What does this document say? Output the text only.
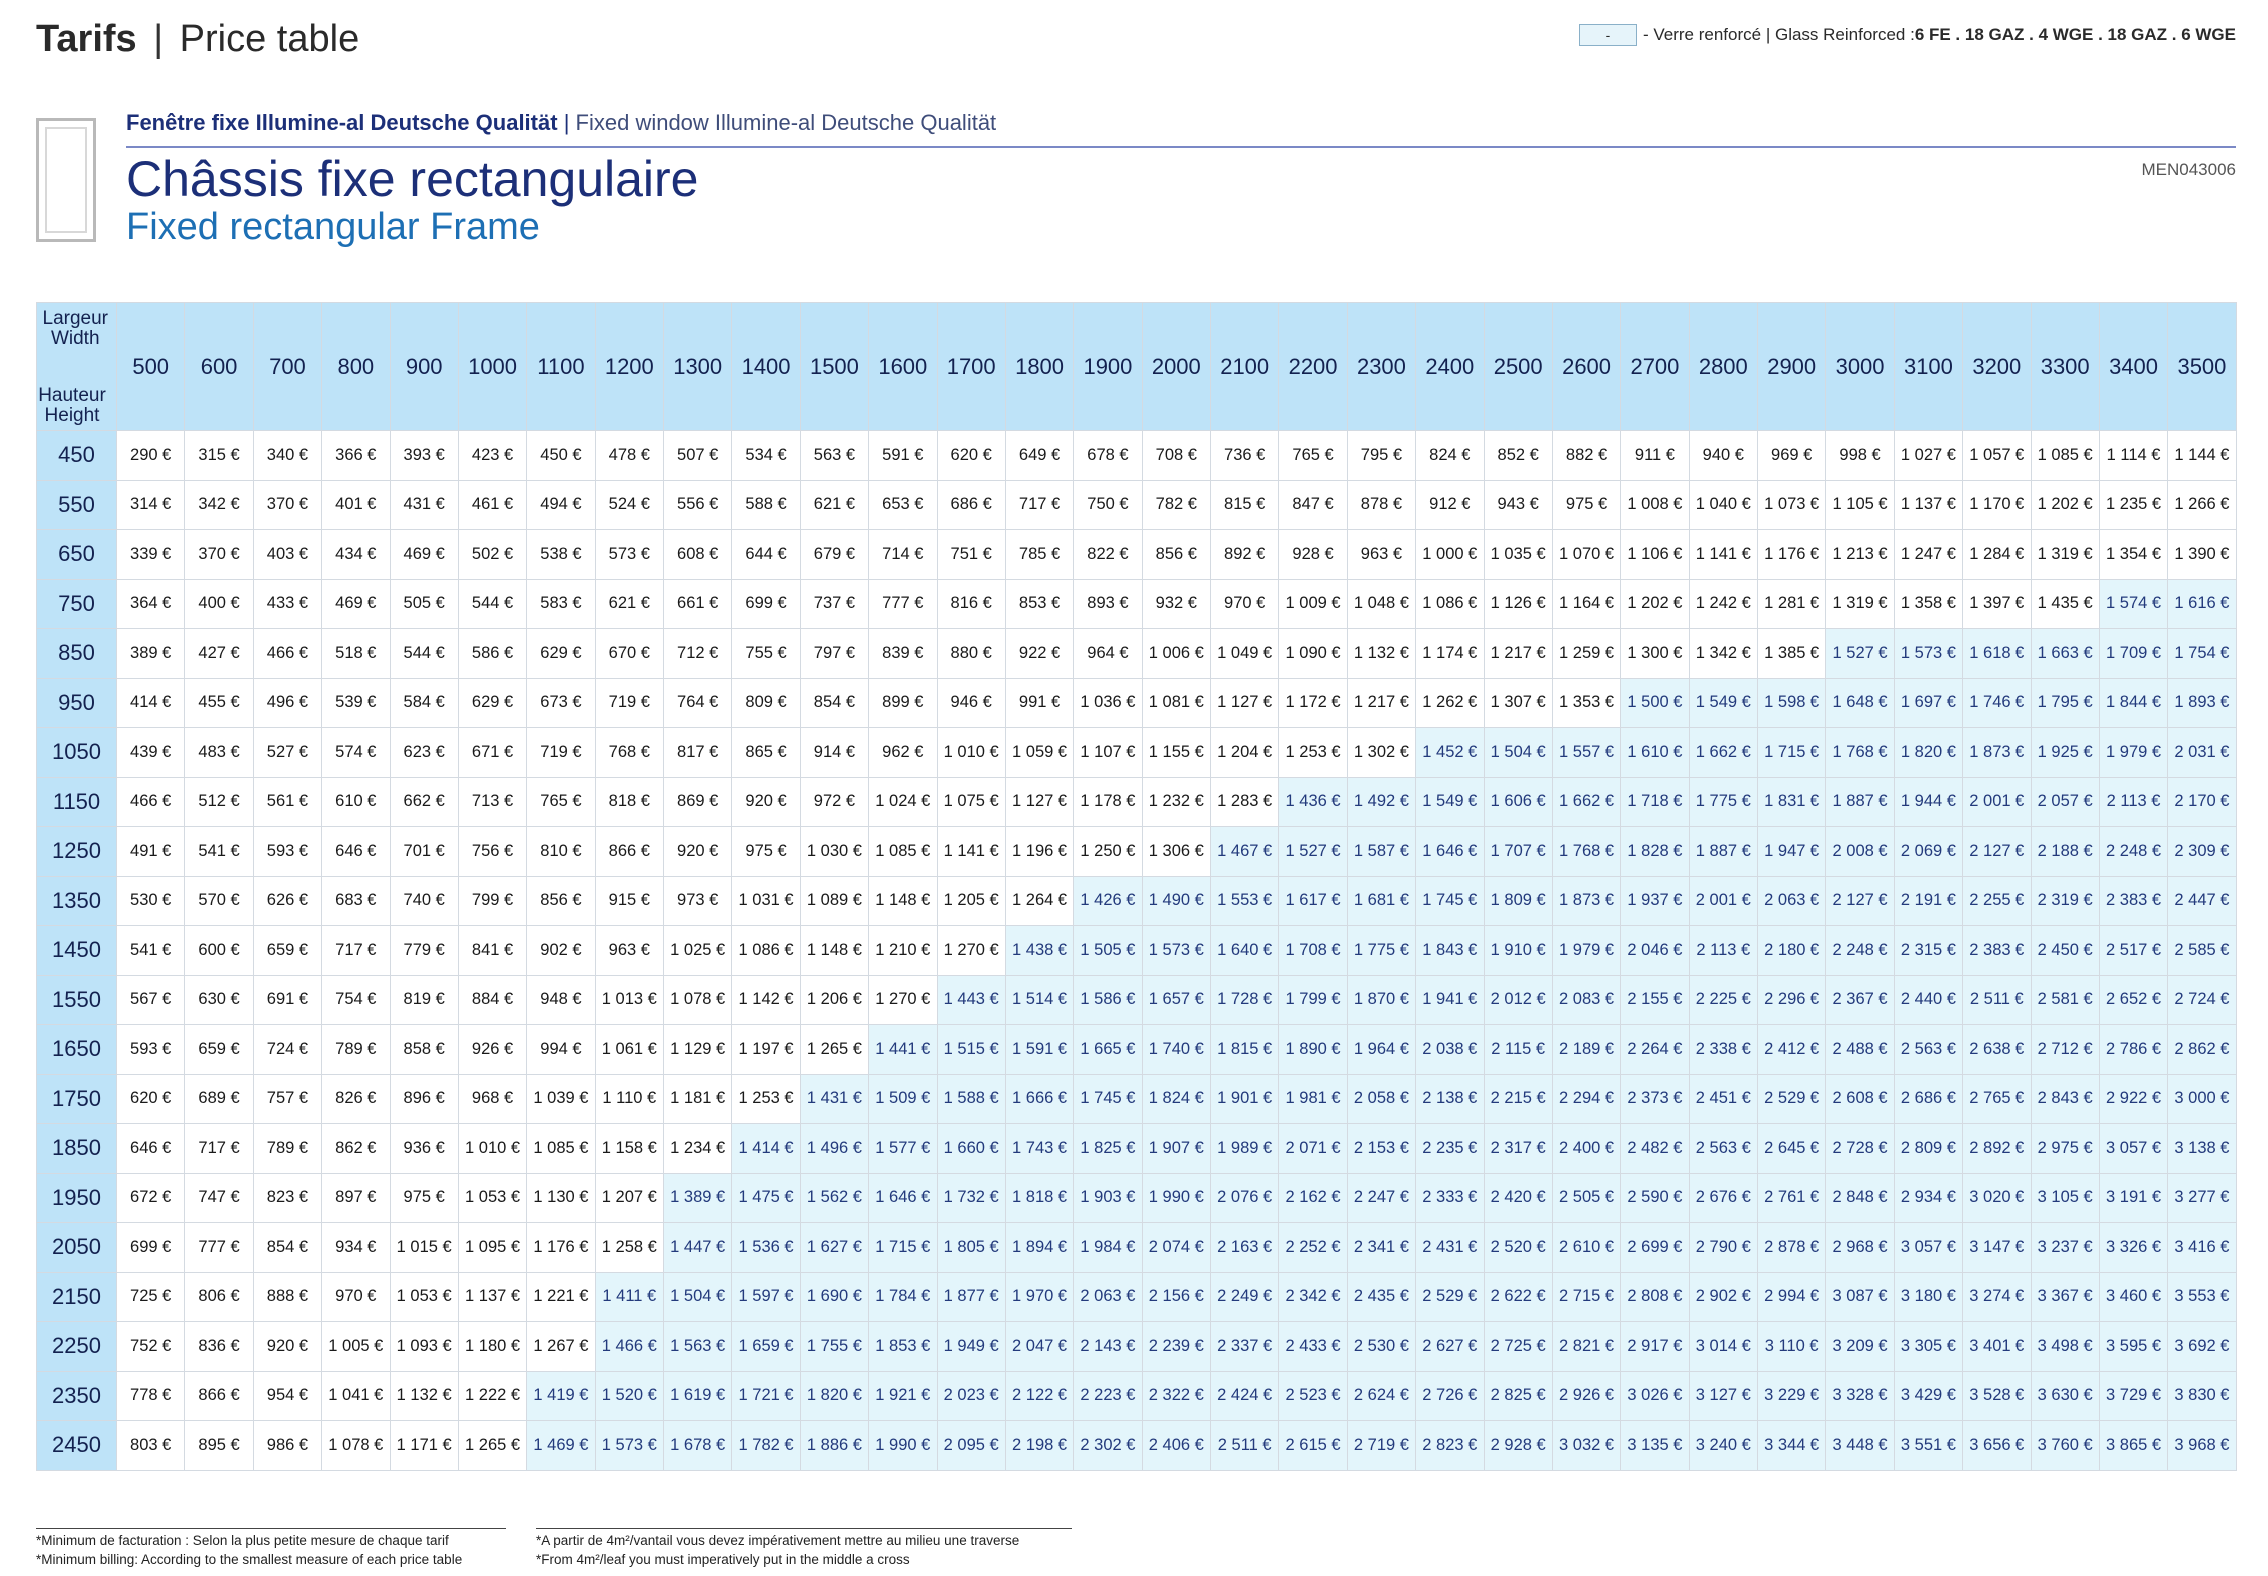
Tarifs | Price table	-	- Verre renforcé | Glass Reinforced : 6 FE . 18 GAZ . 4 WGE . 18 GAZ . 6 WGE
Fenêtre fixe Illumine-al Deutsche Qualität | Fixed window Illumine-al Deutsche Qualität
MEN043006
Châssis fixe rectangulaire
Fixed rectangular Frame
Largeur
Width
Hauteur
Height	500	600	700	800	900	1000	1100	1200	1300	1400	1500	1600	1700	1800	1900	2000	2100	2200	2300	2400	2500	2600	2700	2800	2900	3000	3100	3200	3300	3400	3500
450	290 €	315 €	340 €	366 €	393 €	423 €	450 €	478 €	507 €	534 €	563 €	591 €	620 €	649 €	678 €	708 €	736 €	765 €	795 €	824 €	852 €	882 €	911 €	940 €	969 €	998 €	1 027 €	1 057 €	1 085 €	1 114 €	1 144 €
550	314 €	342 €	370 €	401 €	431 €	461 €	494 €	524 €	556 €	588 €	621 €	653 €	686 €	717 €	750 €	782 €	815 €	847 €	878 €	912 €	943 €	975 €	1 008 €	1 040 €	1 073 €	1 105 €	1 137 €	1 170 €	1 202 €	1 235 €	1 266 €
650	339 €	370 €	403 €	434 €	469 €	502 €	538 €	573 €	608 €	644 €	679 €	714 €	751 €	785 €	822 €	856 €	892 €	928 €	963 €	1 000 €	1 035 €	1 070 €	1 106 €	1 141 €	1 176 €	1 213 €	1 247 €	1 284 €	1 319 €	1 354 €	1 390 €
750	364 €	400 €	433 €	469 €	505 €	544 €	583 €	621 €	661 €	699 €	737 €	777 €	816 €	853 €	893 €	932 €	970 €	1 009 €	1 048 €	1 086 €	1 126 €	1 164 €	1 202 €	1 242 €	1 281 €	1 319 €	1 358 €	1 397 €	1 435 €	1 574 €	1 616 €
850	389 €	427 €	466 €	518 €	544 €	586 €	629 €	670 €	712 €	755 €	797 €	839 €	880 €	922 €	964 €	1 006 €	1 049 €	1 090 €	1 132 €	1 174 €	1 217 €	1 259 €	1 300 €	1 342 €	1 385 €	1 527 €	1 573 €	1 618 €	1 663 €	1 709 €	1 754 €
950	414 €	455 €	496 €	539 €	584 €	629 €	673 €	719 €	764 €	809 €	854 €	899 €	946 €	991 €	1 036 €	1 081 €	1 127 €	1 172 €	1 217 €	1 262 €	1 307 €	1 353 €	1 500 €	1 549 €	1 598 €	1 648 €	1 697 €	1 746 €	1 795 €	1 844 €	1 893 €
1050	439 €	483 €	527 €	574 €	623 €	671 €	719 €	768 €	817 €	865 €	914 €	962 €	1 010 €	1 059 €	1 107 €	1 155 €	1 204 €	1 253 €	1 302 €	1 452 €	1 504 €	1 557 €	1 610 €	1 662 €	1 715 €	1 768 €	1 820 €	1 873 €	1 925 €	1 979 €	2 031 €
1150	466 €	512 €	561 €	610 €	662 €	713 €	765 €	818 €	869 €	920 €	972 €	1 024 €	1 075 €	1 127 €	1 178 €	1 232 €	1 283 €	1 436 €	1 492 €	1 549 €	1 606 €	1 662 €	1 718 €	1 775 €	1 831 €	1 887 €	1 944 €	2 001 €	2 057 €	2 113 €	2 170 €
1250	491 €	541 €	593 €	646 €	701 €	756 €	810 €	866 €	920 €	975 €	1 030 €	1 085 €	1 141 €	1 196 €	1 250 €	1 306 €	1 467 €	1 527 €	1 587 €	1 646 €	1 707 €	1 768 €	1 828 €	1 887 €	1 947 €	2 008 €	2 069 €	2 127 €	2 188 €	2 248 €	2 309 €
1350	530 €	570 €	626 €	683 €	740 €	799 €	856 €	915 €	973 €	1 031 €	1 089 €	1 148 €	1 205 €	1 264 €	1 426 €	1 490 €	1 553 €	1 617 €	1 681 €	1 745 €	1 809 €	1 873 €	1 937 €	2 001 €	2 063 €	2 127 €	2 191 €	2 255 €	2 319 €	2 383 €	2 447 €
1450	541 €	600 €	659 €	717 €	779 €	841 €	902 €	963 €	1 025 €	1 086 €	1 148 €	1 210 €	1 270 €	1 438 €	1 505 €	1 573 €	1 640 €	1 708 €	1 775 €	1 843 €	1 910 €	1 979 €	2 046 €	2 113 €	2 180 €	2 248 €	2 315 €	2 383 €	2 450 €	2 517 €	2 585 €
1550	567 €	630 €	691 €	754 €	819 €	884 €	948 €	1 013 €	1 078 €	1 142 €	1 206 €	1 270 €	1 443 €	1 514 €	1 586 €	1 657 €	1 728 €	1 799 €	1 870 €	1 941 €	2 012 €	2 083 €	2 155 €	2 225 €	2 296 €	2 367 €	2 440 €	2 511 €	2 581 €	2 652 €	2 724 €
1650	593 €	659 €	724 €	789 €	858 €	926 €	994 €	1 061 €	1 129 €	1 197 €	1 265 €	1 441 €	1 515 €	1 591 €	1 665 €	1 740 €	1 815 €	1 890 €	1 964 €	2 038 €	2 115 €	2 189 €	2 264 €	2 338 €	2 412 €	2 488 €	2 563 €	2 638 €	2 712 €	2 786 €	2 862 €
1750	620 €	689 €	757 €	826 €	896 €	968 €	1 039 €	1 110 €	1 181 €	1 253 €	1 431 €	1 509 €	1 588 €	1 666 €	1 745 €	1 824 €	1 901 €	1 981 €	2 058 €	2 138 €	2 215 €	2 294 €	2 373 €	2 451 €	2 529 €	2 608 €	2 686 €	2 765 €	2 843 €	2 922 €	3 000 €
1850	646 €	717 €	789 €	862 €	936 €	1 010 €	1 085 €	1 158 €	1 234 €	1 414 €	1 496 €	1 577 €	1 660 €	1 743 €	1 825 €	1 907 €	1 989 €	2 071 €	2 153 €	2 235 €	2 317 €	2 400 €	2 482 €	2 563 €	2 645 €	2 728 €	2 809 €	2 892 €	2 975 €	3 057 €	3 138 €
1950	672 €	747 €	823 €	897 €	975 €	1 053 €	1 130 €	1 207 €	1 389 €	1 475 €	1 562 €	1 646 €	1 732 €	1 818 €	1 903 €	1 990 €	2 076 €	2 162 €	2 247 €	2 333 €	2 420 €	2 505 €	2 590 €	2 676 €	2 761 €	2 848 €	2 934 €	3 020 €	3 105 €	3 191 €	3 277 €
2050	699 €	777 €	854 €	934 €	1 015 €	1 095 €	1 176 €	1 258 €	1 447 €	1 536 €	1 627 €	1 715 €	1 805 €	1 894 €	1 984 €	2 074 €	2 163 €	2 252 €	2 341 €	2 431 €	2 520 €	2 610 €	2 699 €	2 790 €	2 878 €	2 968 €	3 057 €	3 147 €	3 237 €	3 326 €	3 416 €
2150	725 €	806 €	888 €	970 €	1 053 €	1 137 €	1 221 €	1 411 €	1 504 €	1 597 €	1 690 €	1 784 €	1 877 €	1 970 €	2 063 €	2 156 €	2 249 €	2 342 €	2 435 €	2 529 €	2 622 €	2 715 €	2 808 €	2 902 €	2 994 €	3 087 €	3 180 €	3 274 €	3 367 €	3 460 €	3 553 €
2250	752 €	836 €	920 €	1 005 €	1 093 €	1 180 €	1 267 €	1 466 €	1 563 €	1 659 €	1 755 €	1 853 €	1 949 €	2 047 €	2 143 €	2 239 €	2 337 €	2 433 €	2 530 €	2 627 €	2 725 €	2 821 €	2 917 €	3 014 €	3 110 €	3 209 €	3 305 €	3 401 €	3 498 €	3 595 €	3 692 €
2350	778 €	866 €	954 €	1 041 €	1 132 €	1 222 €	1 419 €	1 520 €	1 619 €	1 721 €	1 820 €	1 921 €	2 023 €	2 122 €	2 223 €	2 322 €	2 424 €	2 523 €	2 624 €	2 726 €	2 825 €	2 926 €	3 026 €	3 127 €	3 229 €	3 328 €	3 429 €	3 528 €	3 630 €	3 729 €	3 830 €
2450	803 €	895 €	986 €	1 078 €	1 171 €	1 265 €	1 469 €	1 573 €	1 678 €	1 782 €	1 886 €	1 990 €	2 095 €	2 198 €	2 302 €	2 406 €	2 511 €	2 615 €	2 719 €	2 823 €	2 928 €	3 032 €	3 135 €	3 240 €	3 344 €	3 448 €	3 551 €	3 656 €	3 760 €	3 865 €	3 968 €
*Minimum de facturation : Selon la plus petite mesure de chaque tarif
*Minimum billing: According to the smallest measure of each price table
*A partir de 4m²/vantail vous devez impérativement mettre au milieu une traverse
*From 4m²/leaf you must imperatively put in the middle a cross
